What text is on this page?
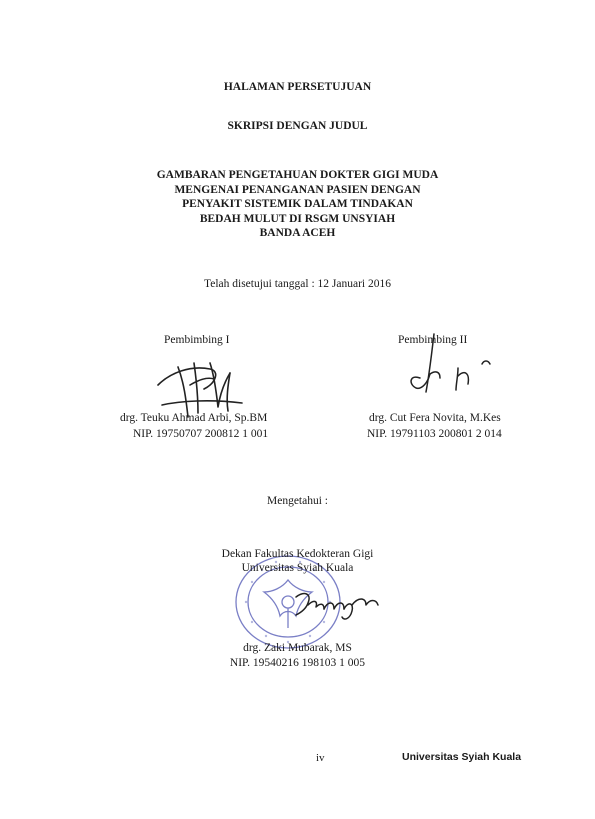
HALAMAN PERSETUJUAN
SKRIPSI DENGAN JUDUL
GAMBARAN PENGETAHUAN DOKTER GIGI MUDA
MENGENAI PENANGANAN PASIEN DENGAN
PENYAKIT SISTEMIK DALAM TINDAKAN
BEDAH MULUT DI RSGM UNSYIAH
BANDA ACEH
Telah disetujui tanggal : 12 Januari 2016
Pembimbing I
drg. Teuku Ahmad Arbi, Sp.BM
NIP. 19750707 200812 1 001
Pembimbing II
drg. Cut Fera Novita, M.Kes
NIP. 19791103 200801 2 014
Mengetahui :
Dekan Fakultas Kedokteran Gigi
Universitas Syiah Kuala
drg. Zaki Mubarak, MS
NIP. 19540216 198103 1 005
iv	Universitas Syiah Kuala
